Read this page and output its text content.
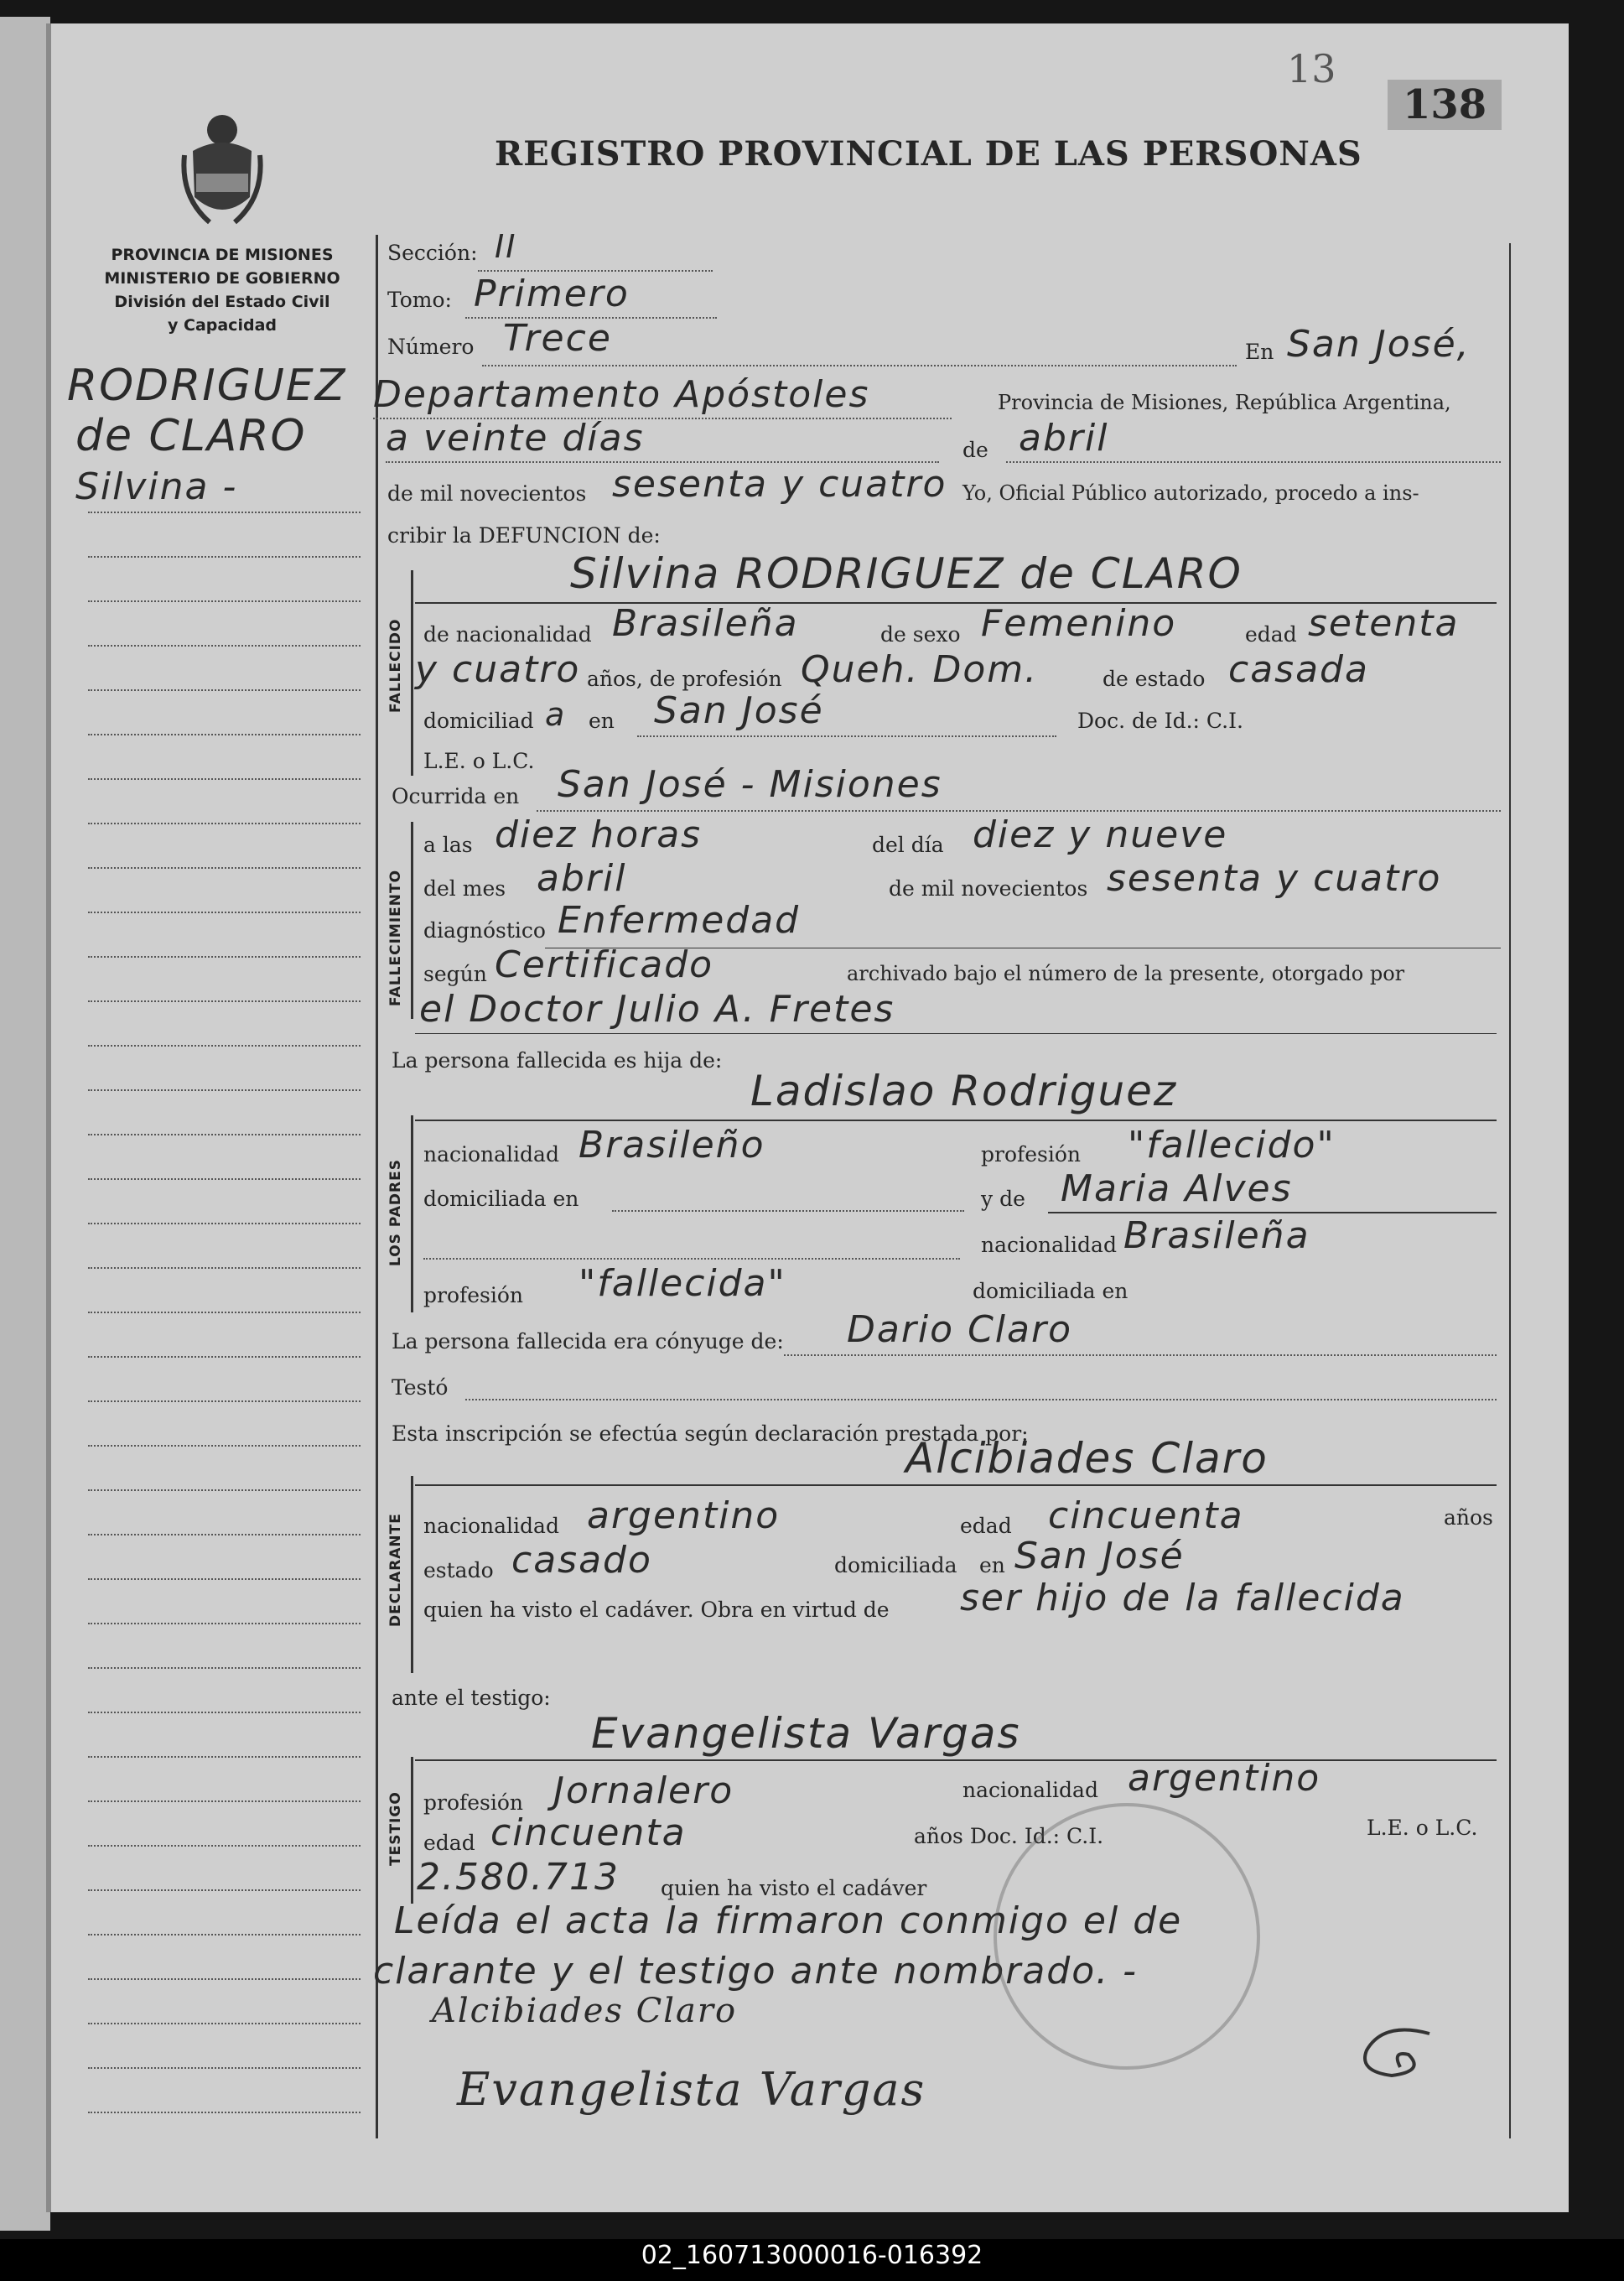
13
138
REGISTRO PROVINCIAL DE LAS PERSONAS
PROVINCIA DE MISIONES
MINISTERIO DE GOBIERNO
División del Estado Civil
y Capacidad
RODRIGUEZ
de CLARO
Silvina -
Sección: II
Tomo: Primero
Número Trece	En San José,
Departamento Apóstoles	Provincia de Misiones, República Argentina,
a veinte días	de abril
de mil novecientos sesenta y cuatro Yo, Oficial Público autorizado, procedo a ins-
cribir la DEFUNCION de:
FALLECIDO
Silvina RODRIGUEZ de CLARO
de nacionalidad Brasileña	de sexo Femenino	edad setenta
y cuatro años, de profesión Queh. Dom.	de estado casada
domiciliad a en San José	Doc. de Id.: C.I.
L.E. o L.C.
Ocurrida en San José - Misiones
FALLECIMIENTO
a las diez horas	del día diez y nueve
del mes abril	de mil novecientos sesenta y cuatro
diagnóstico Enfermedad
según Certificado	archivado bajo el número de la presente, otorgado por
el Doctor Julio A. Fretes
La persona fallecida es hija de:
Ladislao Rodriguez
LOS PADRES
nacionalidad Brasileño	profesión "fallecido"
domiciliada en	y de Maria Alves
nacionalidad Brasileña
profesión "fallecida"	domiciliada en
La persona fallecida era cónyuge de: Dario Claro
Testó
Esta inscripción se efectúa según declaración prestada por:
Alcibiades Claro
DECLARANTE nacionalidad argentino	edad cincuenta	años
estado casado	domiciliada en San José
quien ha visto el cadáver. Obra en virtud de ser hijo de la fallecida
ante el testigo:
Evangelista Vargas
TESTIGO profesión Jornalero	nacionalidad argentino
edad cincuenta	años Doc. Id.: C.I.	L.E. o L.C.
2.580.713 quien ha visto el cadáver
Leída el acta la firmaron conmigo el de
clarante y el testigo ante nombrado. -
Alcibiades Claro
Evangelista Vargas
02_160713000016-016392
